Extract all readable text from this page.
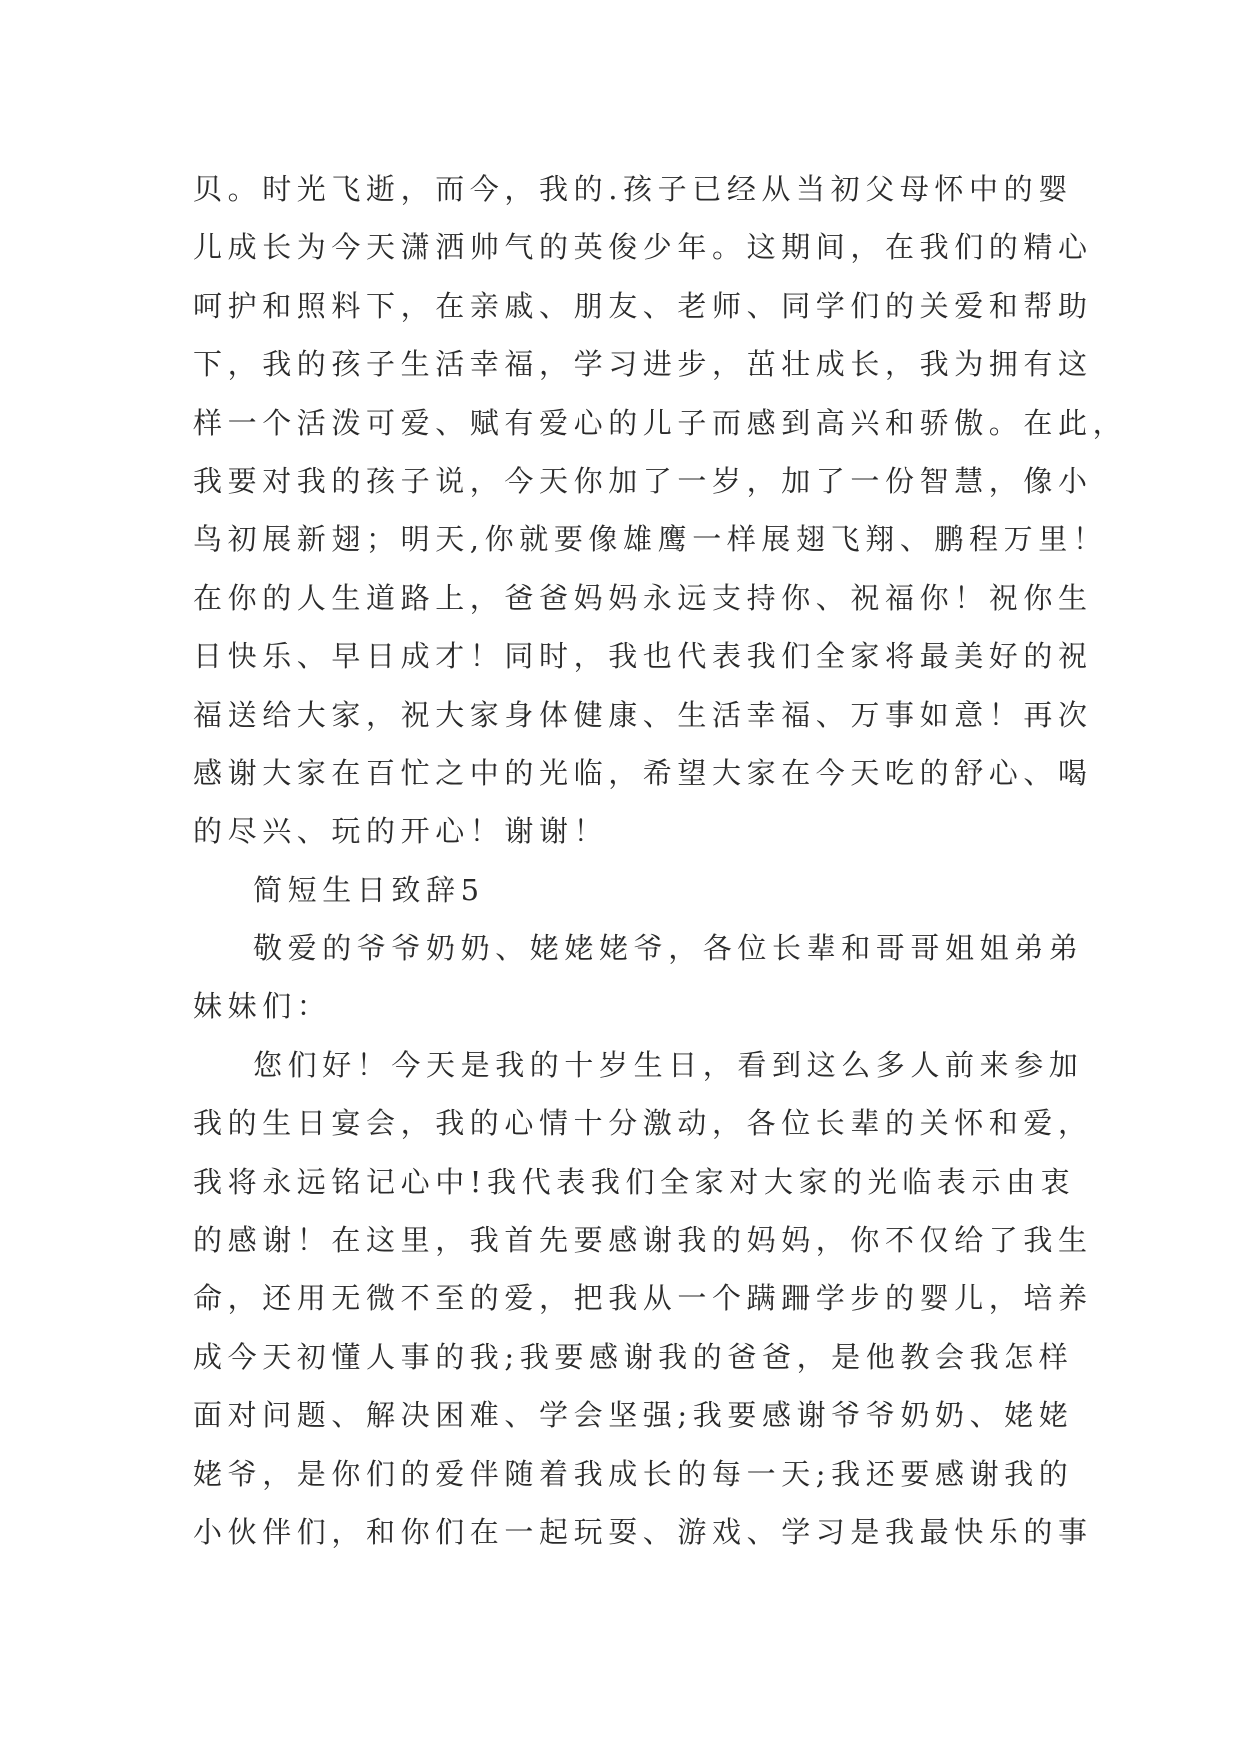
贝。时光飞逝，而今，我的.孩子已经从当初父母怀中的婴
儿成长为今天潇洒帅气的英俊少年。这期间，在我们的精心
呵护和照料下，在亲戚、朋友、老师、同学们的关爱和帮助
下，我的孩子生活幸福，学习进步，茁壮成长，我为拥有这
样一个活泼可爱、赋有爱心的儿子而感到高兴和骄傲。在此，
我要对我的孩子说，今天你加了一岁，加了一份智慧，像小
鸟初展新翅；明天,你就要像雄鹰一样展翅飞翔、鹏程万里！
在你的人生道路上，爸爸妈妈永远支持你、祝福你！祝你生
日快乐、早日成才！同时，我也代表我们全家将最美好的祝
福送给大家，祝大家身体健康、生活幸福、万事如意！再次
感谢大家在百忙之中的光临，希望大家在今天吃的舒心、喝
的尽兴、玩的开心！谢谢！
简短生日致辞5
敬爱的爷爷奶奶、姥姥姥爷，各位长辈和哥哥姐姐弟弟
妹妹们：
您们好！今天是我的十岁生日，看到这么多人前来参加
我的生日宴会，我的心情十分激动，各位长辈的关怀和爱，
我将永远铭记心中!我代表我们全家对大家的光临表示由衷
的感谢！在这里，我首先要感谢我的妈妈，你不仅给了我生
命，还用无微不至的爱，把我从一个蹒跚学步的婴儿，培养
成今天初懂人事的我;我要感谢我的爸爸，是他教会我怎样
面对问题、解决困难、学会坚强;我要感谢爷爷奶奶、姥姥
姥爷，是你们的爱伴随着我成长的每一天;我还要感谢我的
小伙伴们，和你们在一起玩耍、游戏、学习是我最快乐的事
